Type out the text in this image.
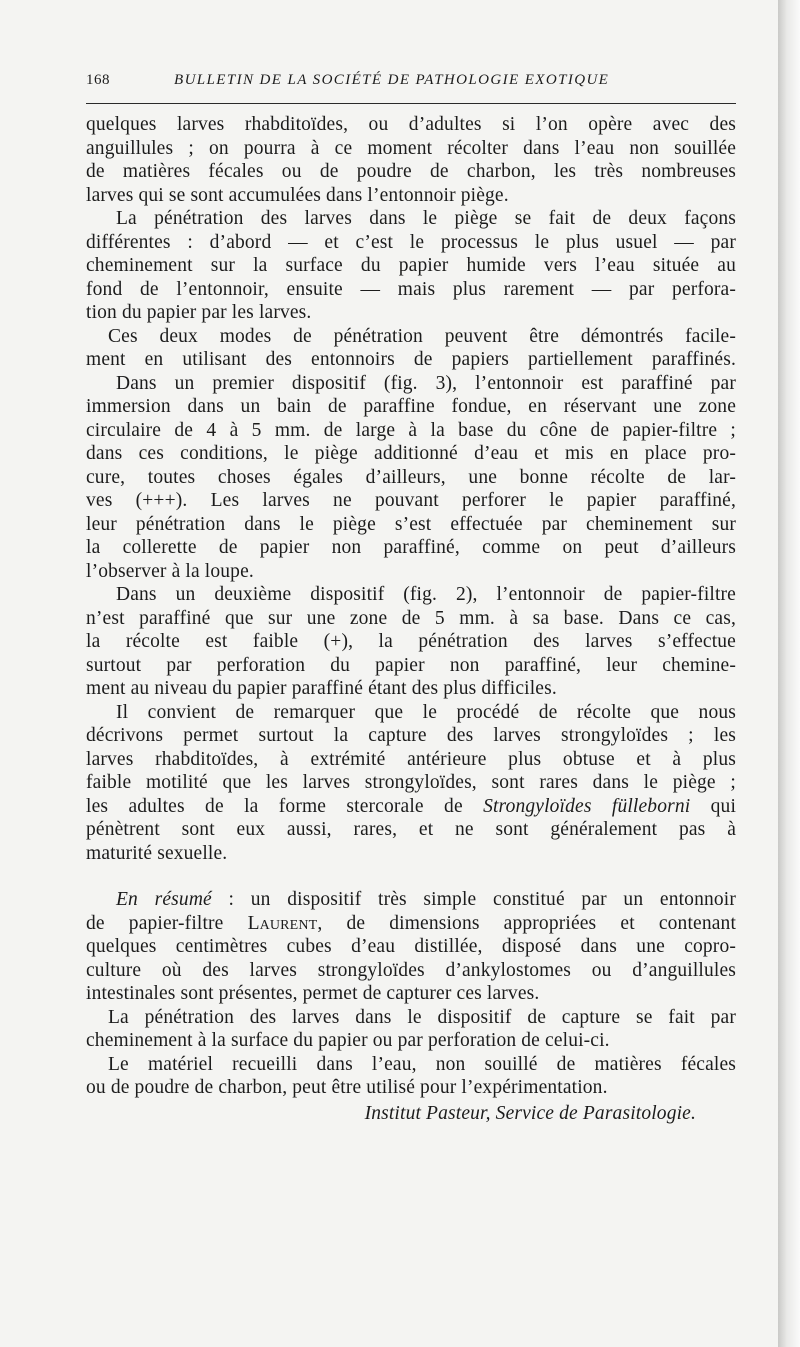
168	BULLETIN DE LA SOCIÉTÉ DE PATHOLOGIE EXOTIQUE
quelques larves rhabditoïdes, ou d’adultes si l’on opère avec des
anguillules ; on pourra à ce moment récolter dans l’eau non souillée
de matières fécales ou de poudre de charbon, les très nombreuses
larves qui se sont accumulées dans l’entonnoir piège.
La pénétration des larves dans le piège se fait de deux façons
différentes : d’abord — et c’est le processus le plus usuel — par
cheminement sur la surface du papier humide vers l’eau située au
fond de l’entonnoir, ensuite — mais plus rarement — par perfora-
tion du papier par les larves.
Ces deux modes de pénétration peuvent être démontrés facile-
ment en utilisant des entonnoirs de papiers partiellement paraffinés.
Dans un premier dispositif (fig. 3), l’entonnoir est paraffiné par
immersion dans un bain de paraffine fondue, en réservant une zone
circulaire de 4 à 5 mm. de large à la base du cône de papier-filtre ;
dans ces conditions, le piège additionné d’eau et mis en place pro-
cure, toutes choses égales d’ailleurs, une bonne récolte de lar-
ves (+++). Les larves ne pouvant perforer le papier paraffiné,
leur pénétration dans le piège s’est effectuée par cheminement sur
la collerette de papier non paraffiné, comme on peut d’ailleurs
l’observer à la loupe.
Dans un deuxième dispositif (fig. 2), l’entonnoir de papier-filtre
n’est paraffiné que sur une zone de 5 mm. à sa base. Dans ce cas,
la récolte est faible (+), la pénétration des larves s’effectue
surtout par perforation du papier non paraffiné, leur chemine-
ment au niveau du papier paraffiné étant des plus difficiles.
Il convient de remarquer que le procédé de récolte que nous
décrivons permet surtout la capture des larves strongyloïdes ; les
larves rhabditoïdes, à extrémité antérieure plus obtuse et à plus
faible motilité que les larves strongyloïdes, sont rares dans le piège ;
les adultes de la forme stercorale de Strongyloïdes fülleborni qui
pénètrent sont eux aussi, rares, et ne sont généralement pas à
maturité sexuelle.
En résumé : un dispositif très simple constitué par un entonnoir
de papier-filtre Laurent, de dimensions appropriées et contenant
quelques centimètres cubes d’eau distillée, disposé dans une copro-
culture où des larves strongyloïdes d’ankylostomes ou d’anguillules
intestinales sont présentes, permet de capturer ces larves.
La pénétration des larves dans le dispositif de capture se fait par
cheminement à la surface du papier ou par perforation de celui-ci.
Le matériel recueilli dans l’eau, non souillé de matières fécales
ou de poudre de charbon, peut être utilisé pour l’expérimentation.
Institut Pasteur, Service de Parasitologie.
